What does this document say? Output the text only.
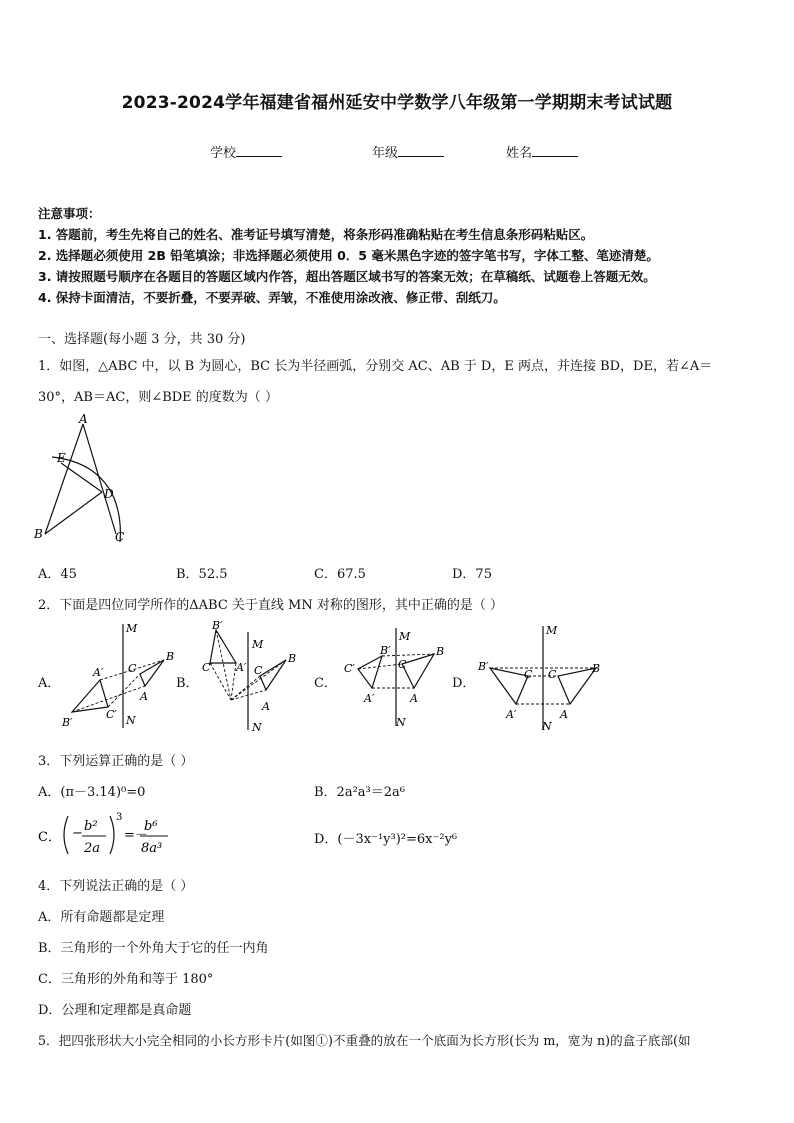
2023-2024学年福建省福州延安中学数学八年级第一学期期末考试试题
学校	年级	姓名
注意事项：
1. 答题前，考生先将自己的姓名、准考证号填写清楚，将条形码准确粘贴在考生信息条形码粘贴区。
2. 选择题必须使用 2B 铅笔填涂；非选择题必须使用 0．5 毫米黑色字迹的签字笔书写，字体工整、笔迹清楚。
3. 请按照题号顺序在各题目的答题区域内作答，超出答题区域书写的答案无效；在草稿纸、试题卷上答题无效。
4. 保持卡面清洁，不要折叠，不要弄破、弄皱，不准使用涂改液、修正带、刮纸刀。
一、选择题(每小题 3 分，共 30 分)
1．如图，△ABC 中，以 B 为圆心，BC 长为半径画弧，分别交 AC、AB 于 D，E 两点，并连接 BD，DE，若∠A＝
30°，AB＝AC，则∠BDE 的度数为（ ）
A
E
D
B	C
A．45	B．52.5	C．67.5	D．75
2．下面是四位同学所作的ΔABC 关于直线 MN 对称的图形，其中正确的是（ ）
A．
M
N
A′
B′
C′
B
C
A
B．
B′
M
C′ A′ C
B
A
N
C．
M
B′
C′	C
B
A′	A
N
D．
M
B′
C C	B
A′	A
N
3．下列运算正确的是（ ）
A．(π－3.14)⁰=0	B．2a²a³＝2a⁶
C． − b²
2a
3
=－
b⁶
8a³
D．(－3x⁻¹y³)²=6x⁻²y⁶
4．下列说法正确的是（ ）
A．所有命题都是定理
B．三角形的一个外角大于它的任一内角
C．三角形的外角和等于 180°
D．公理和定理都是真命题
5．把四张形状大小完全相同的小长方形卡片(如图①)不重叠的放在一个底面为长方形(长为 m，宽为 n)的盒子底部(如
